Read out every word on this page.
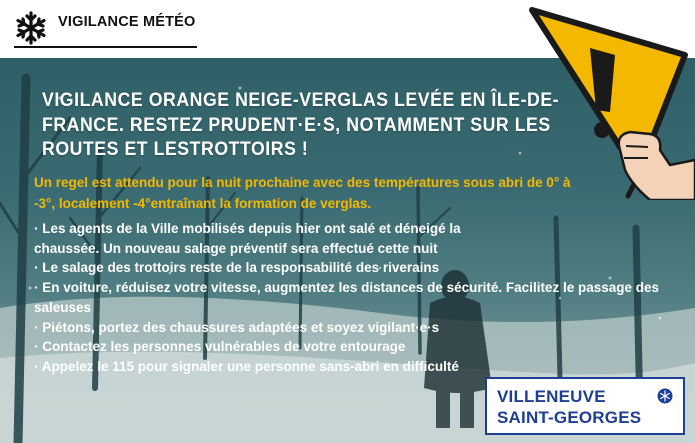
VIGILANCE MÉTÉO
VIGILANCE ORANGE NEIGE-VERGLAS LEVÉE EN ÎLE-DE-FRANCE. RESTEZ PRUDENT·E·S, NOTAMMENT SUR LES ROUTES ET LESTROTTOIRS !

Un regel est attendu pour la nuit prochaine avec des températures sous abri de 0° à -3°, localement -4°entraînant la formation de verglas.

· Les agents de la Ville mobilisés depuis hier ont salé et déneigé la chaussée. Un nouveau salage préventif sera effectué cette nuit
· Le salage des trottoirs reste de la responsabilité des riverains
· En voiture, réduisez votre vitesse, augmentez les distances de sécurité. Facilitez le passage des saleuses
· Piétons, portez des chaussures adaptées et soyez vigilant·e·s
· Contactez les personnes vulnérables de votre entourage
· Appelez le 115 pour signaler une personne sans-abri en difficulté
VILLENEUVE
SAINT-GEORGES
